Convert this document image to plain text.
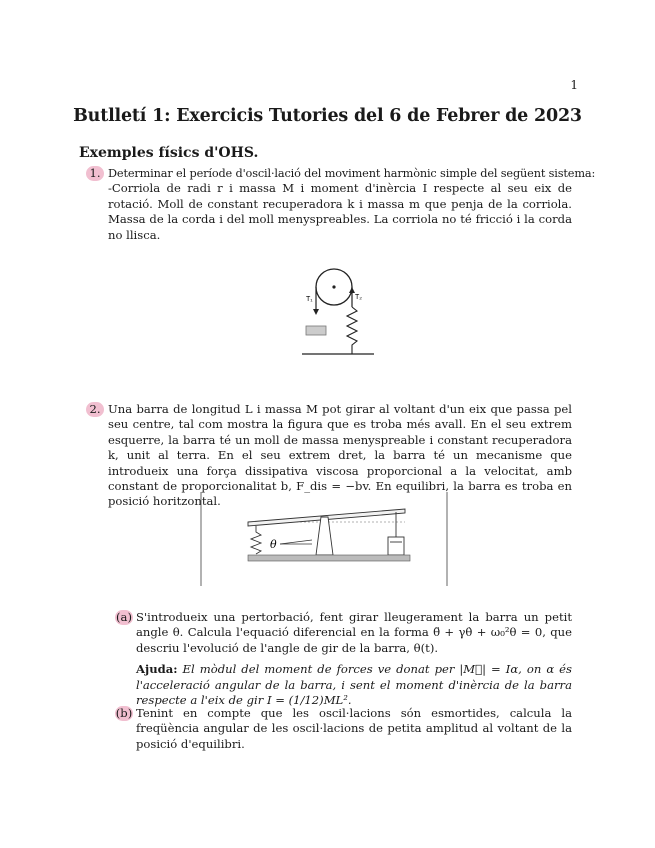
1
Butlletí 1: Exercicis Tutories del 6 de Febrer de 2023
Exemples físics d'OHS.
1. Determinar el període d'oscil·lació del moviment harmònic simple del següent sistema:

-Corriola de radi r i massa M i moment d'inèrcia I respecte al seu eix de rotació. Moll de constant recuperadora k i massa m que penja de la corriola. Massa de la corda i del moll menyspreables. La corriola no té fricció i la corda no llisca.

T₁	T₂
2. Una barra de longitud L i massa M pot girar al voltant d'un eix que passa pel seu centre, tal com mostra la figura que es troba més avall. En el seu extrem esquerre, la barra té un moll de massa menyspreable i constant recuperadora k, unit al terra. En el seu extrem dret, la barra té un mecanisme que introdueix una força dissipativa viscosa proporcional a la velocitat, amb constant de proporcionalitat b, F_dis = −bv. En equilibri, la barra es troba en posició horitzontal.

θ
(a) S'introdueix una pertorbació, fent girar lleugerament la barra un petit angle θ. Calcula l'equació diferencial en la forma θ̈ + γθ̇ + ω₀²θ = 0, que descriu l'evolució de l'angle de gir de la barra, θ(t).

Ajuda: El mòdul del moment de forces ve donat per |M⃗| = Iα, on α és l'acceleració angular de la barra, i sent el moment d'inèrcia de la barra respecte a l'eix de gir I = (1/12)ML².

(b) Tenint en compte que les oscil·lacions són esmortides, calcula la freqüència angular de les oscil·lacions de petita amplitud al voltant de la posició d'equilibri.
